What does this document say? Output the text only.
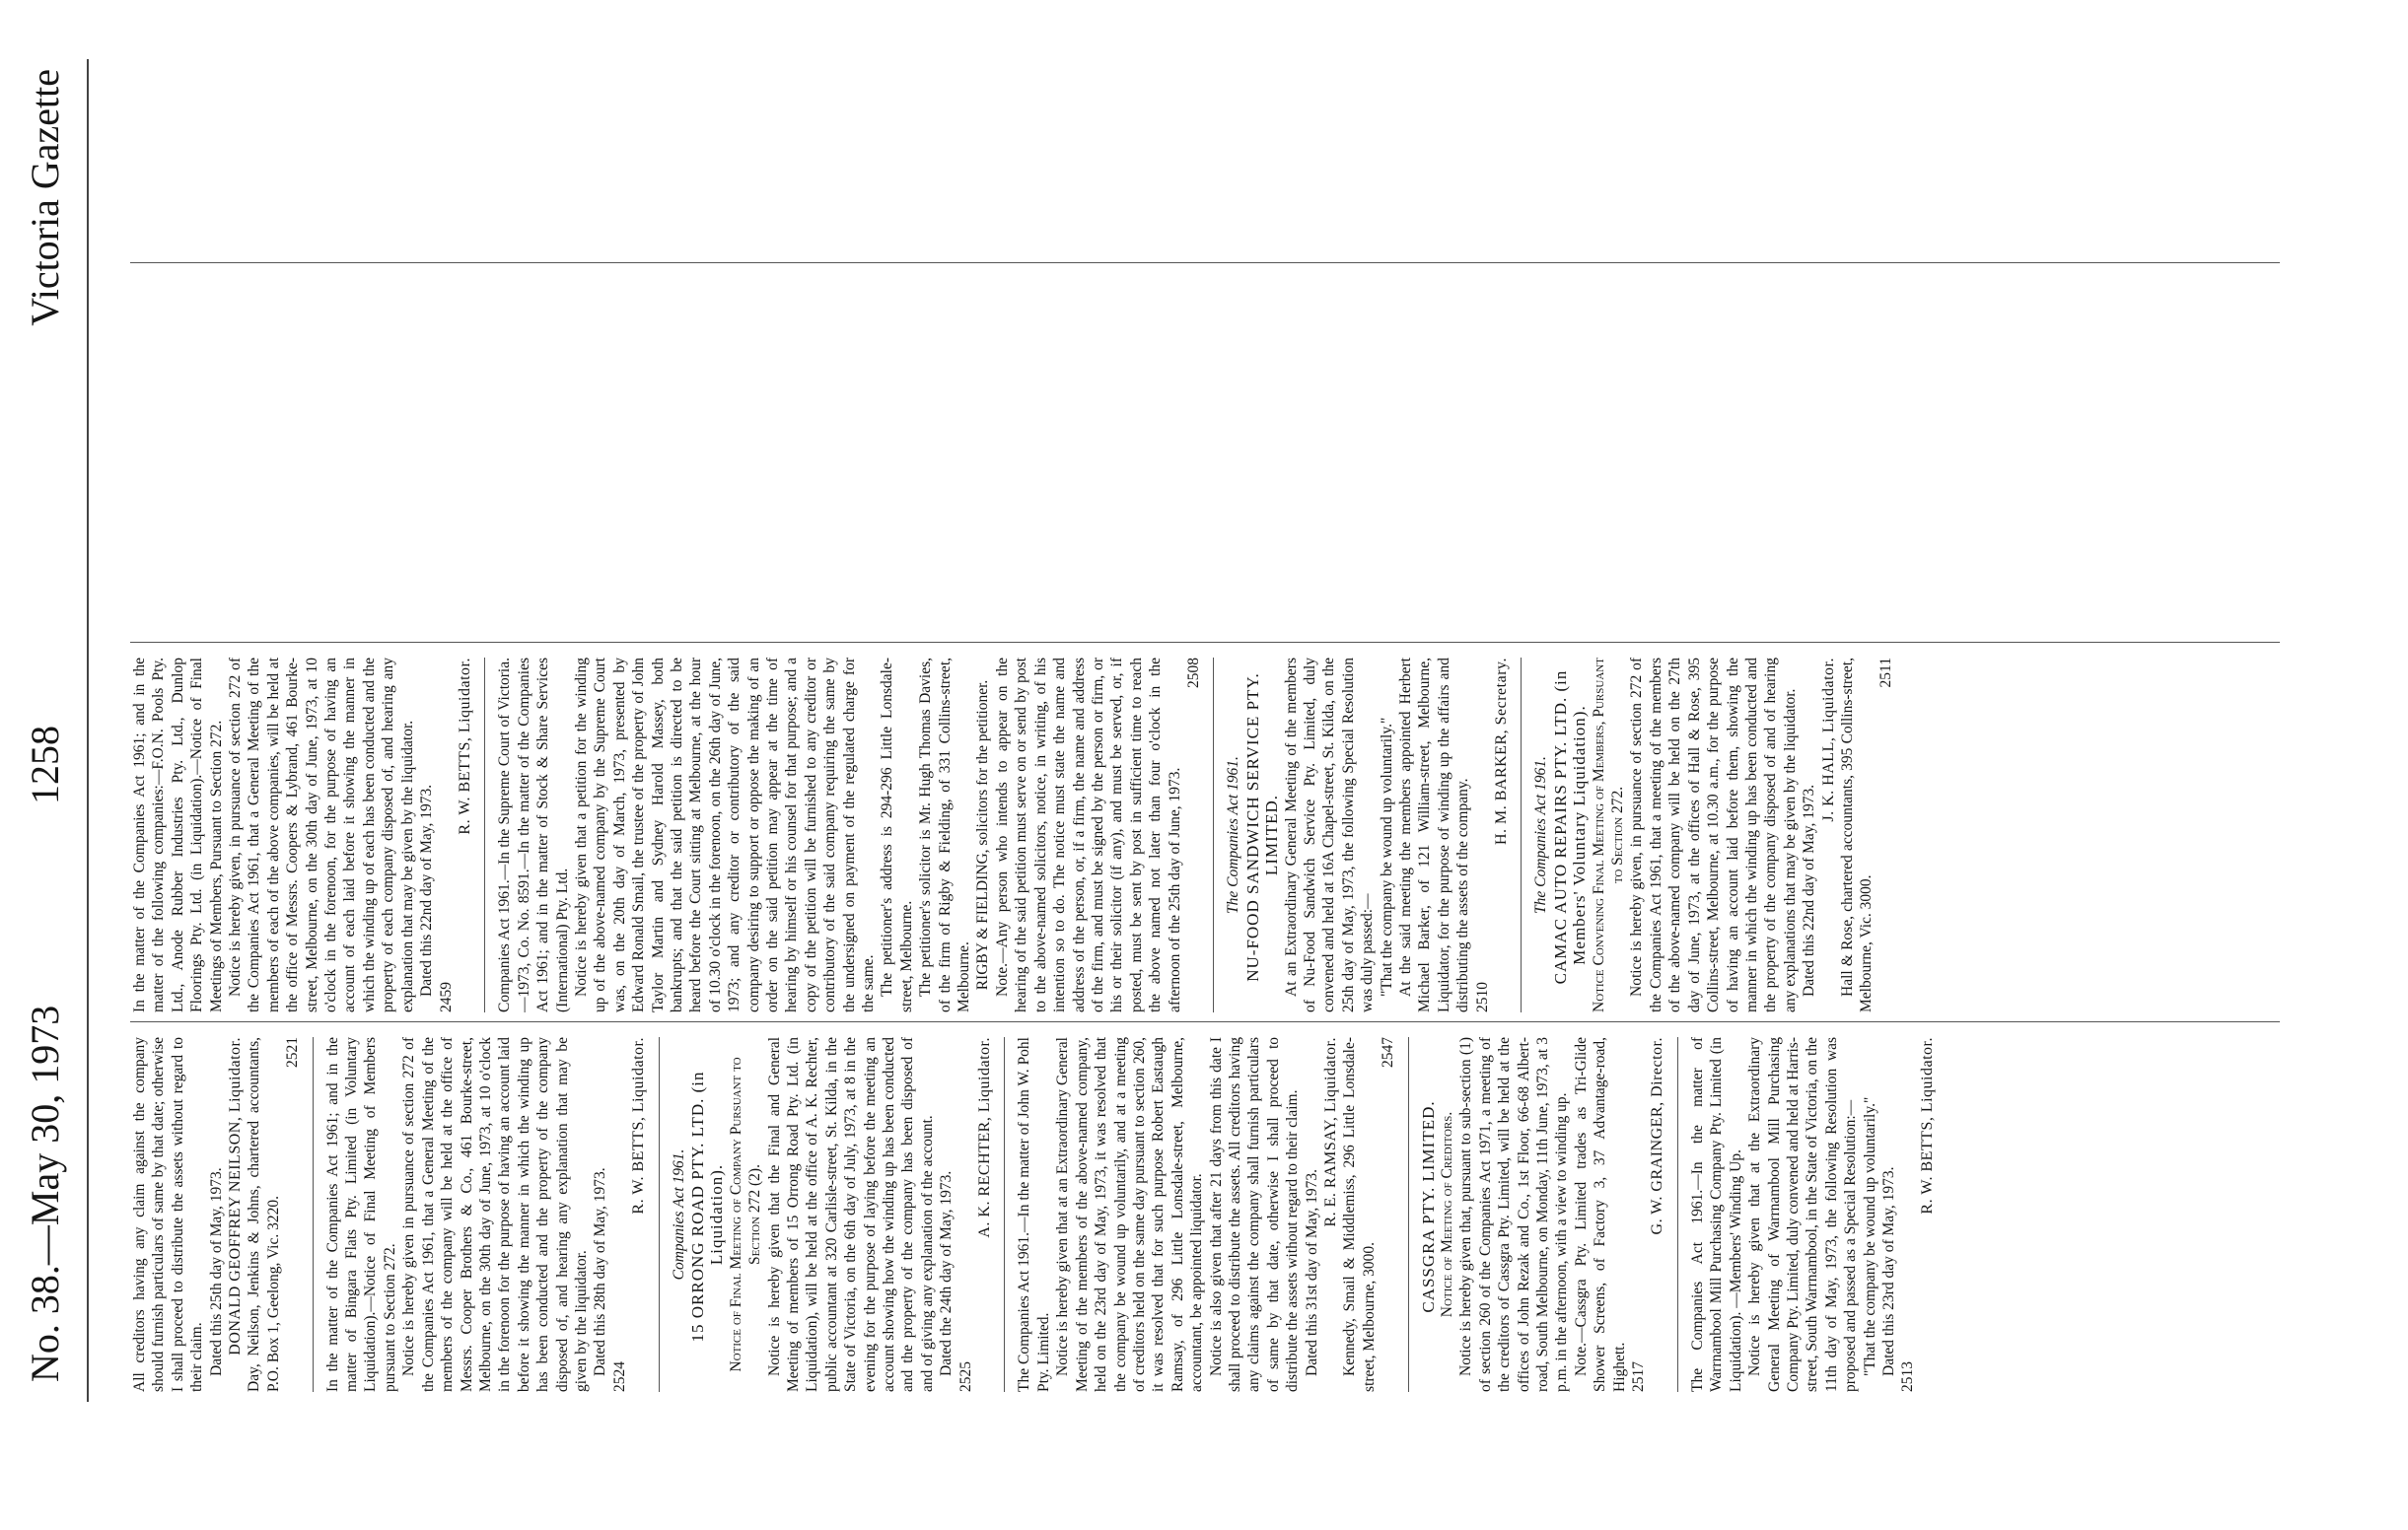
No. 38.—May 30, 1973
1258
Victoria Gazette

All creditors having any claim against the company should furnish particulars of same by that date; otherwise I shall proceed to distribute the assets without regard to their claim. Dated this 25th day of May, 1973. DONALD GEOFFREY NEILSON, Liquidator. Day, Neilson, Jenkins & Johns, chartered accountants, P.O. Box 1, Geelong, Vic. 3220.

2521 In the matter of the Companies Act 1961; and in the matter of Bingara Flats Pty. Limited (in Voluntary Liquidation).—Notice of Final Meeting of Members pursuant to Section 272. Notice is hereby given in pursuance of section 272 of the Companies Act 1961, that a General Meeting of the members of the company will be held at the office of Messrs. Cooper Brothers & Co., 461 Bourke-street, Melbourne, on the 30th day of June, 1973, at 10 o'clock in the forenoon for the purpose of having an account laid before it showing the manner in which the winding up has been conducted and the property of the company disposed of, and hearing any explanation that may be given by the liquidator. Dated this 28th day of May, 1973.

2524

R. W. BETTS, Liquidator.

Companies Act 1961. 15 ORRONG ROAD PTY. LTD. (in Liquidation). Notice of Final Meeting of Company Pursuant to Section 272 (2). Notice is hereby given that the Final and General Meeting of members of 15 Orrong Road Pty. Ltd. (in Liquidation), will be held at the office of A. K. Rechter, public accountant at 320 Carlisle-street, St. Kilda, in the State of Victoria, on the 6th day of July, 1973, at 8 in the evening for the purpose of laying before the meeting an account showing how the winding up has been conducted and the property of the company has been disposed of and of giving any explanation of the account. Dated the 24th day of May, 1973.

2525

A. K. RECHTER, Liquidator. The Companies Act 1961.—In the matter of John W. Pohl Pty. Limited. Notice is hereby given that at an Extraordinary General Meeting of the members of the above-named company, held on the 23rd day of May, 1973, it was resolved that the company be wound up voluntarily, and at a meeting of creditors held on the same day pursuant to section 260, it was resolved that for such purpose Robert Eastaugh Ramsay, of 296 Little Lonsdale-street, Melbourne, accountant, be appointed liquidator. Notice is also given that after 21 days from this date I shall proceed to distribute the assets. All creditors having any claims against the company shall furnish particulars of same by that date, otherwise I shall proceed to distribute the assets without regard to their claim. Dated this 31st day of May, 1973.

R. E. RAMSAY, Liquidator. Kennedy, Smail & Middlemiss, 296 Little Lonsdale-street, Melbourne, 3000.

2547

CASSGRA PTY. LIMITED. Notice of Meeting of Creditors. Notice is hereby given that, pursuant to sub-section (1) of section 260 of the Companies Act 1971, a meeting of the creditors of Cassgra Pty. Limited, will be held at the offices of John Rezak and Co., 1st Floor, 66-68 Albert-road, South Melbourne, on Monday, 11th June, 1973, at 3 p.m. in the afternoon, with a view to winding up. Note.—Cassgra Pty. Limited trades as Tri-Glide Shower Screens, of Factory 3, 37 Advantage-road, Highett. 2517

G. W. GRAINGER, Director. The Companies Act 1961.—In the matter of Warrnambool Mill Purchasing Company Pty. Limited (in Liquidation). —Members' Winding Up. Notice is hereby given that at the Extraordinary General Meeting of Warrnambool Mill Purchasing Company Pty. Limited, duly convened and held at Harris-street, South Warrnambool, in the State of Victoria, on the 11th day of May, 1973, the following Resolution was proposed and passed as a Special Resolution:— "That the company be wound up voluntarily." Dated this 23rd day of May, 1973.

2513

R. W. BETTS, Liquidator.

In the matter of the Companies Act 1961; and in the matter of the following companies:—F.O.N. Pools Pty. Ltd., Anode Rubber Industries Pty. Ltd., Dunlop Floorings Pty. Ltd. (in Liquidation).—Notice of Final Meetings of Members, Pursuant to Section 272. Notice is hereby given, in pursuance of section 272 of the Companies Act 1961, that a General Meeting of the members of each of the above companies, will be held at the office of Messrs. Coopers & Lybrand, 461 Bourke-street, Melbourne, on the 30th day of June, 1973, at 10 o'clock in the forenoon, for the purpose of having an account of each laid before it showing the manner in which the winding up of each has been conducted and the property of each company disposed of, and hearing any explanation that may be given by the liquidator. Dated this 22nd day of May, 1973.

2459

R. W. BETTS, Liquidator. Companies Act 1961.—In the Supreme Court of Victoria.—1973, Co. No. 8591.—In the matter of the Companies Act 1961; and in the matter of Stock & Share Services (International) Pty. Ltd. Notice is hereby given that a petition for the winding up of the above-named company by the Supreme Court was, on the 20th day of March, 1973, presented by Edward Ronald Smail, the trustee of the property of John Taylor Martin and Sydney Harold Massey, both bankrupts; and that the said petition is directed to be heard before the Court sitting at Melbourne, at the hour of 10.30 o'clock in the forenoon, on the 26th day of June, 1973; and any creditor or contributory of the said company desiring to support or oppose the making of an order on the said petition may appear at the time of hearing by himself or his counsel for that purpose; and a copy of the petition will be furnished to any creditor or contributory of the said company requiring the same by the undersigned on payment of the regulated charge for the same. The petitioner's address is 294-296 Little Lonsdale-street, Melbourne. The petitioner's solicitor is Mr. Hugh Thomas Davies, of the firm of Rigby & Fielding, of 331 Collins-street, Melbourne. RIGBY & FIELDING, solicitors for the petitioner. Note.—Any person who intends to appear on the hearing of the said petition must serve on or send by post to the above-named solicitors, notice, in writing, of his intention so to do. The notice must state the name and address of the person, or, if a firm, the name and address of the firm, and must be signed by the person or firm, or his or their solicitor (if any), and must be served, or, if posted, must be sent by post in sufficient time to reach the above named not later than four o'clock in the afternoon of the 25th day of June, 1973.

2508

The Companies Act 1961. NU-FOOD SANDWICH SERVICE PTY. LIMITED. At an Extraordinary General Meeting of the members of Nu-Food Sandwich Service Pty. Limited, duly convened and held at 16A Chapel-street, St. Kilda, on the 25th day of May, 1973, the following Special Resolution was duly passed:— "That the company be wound up voluntarily." At the said meeting the members appointed Herbert Michael Barker, of 121 William-street, Melbourne, Liquidator, for the purpose of winding up the affairs and distributing the assets of the company. 2510

H. M. BARKER, Secretary. The Companies Act 1961. CAMAC AUTO REPAIRS PTY. LTD. (in Members' Voluntary Liquidation). Notice Convening Final Meeting of Members, Pursuant to Section 272. Notice is hereby given, in pursuance of section 272 of the Companies Act 1961, that a meeting of the members of the above-named company will be held on the 27th day of June, 1973, at the offices of Hall & Rose, 395 Collins-street, Melbourne, at 10.30 a.m., for the purpose of having an account laid before them, showing the manner in which the winding up has been conducted and the property of the company disposed of and of hearing any explanations that may be given by the liquidator. Dated this 22nd day of May, 1973.

J. K. HALL, Liquidator. Hall & Rose, chartered accountants, 395 Collins-street, Melbourne, Vic. 3000.

2511
